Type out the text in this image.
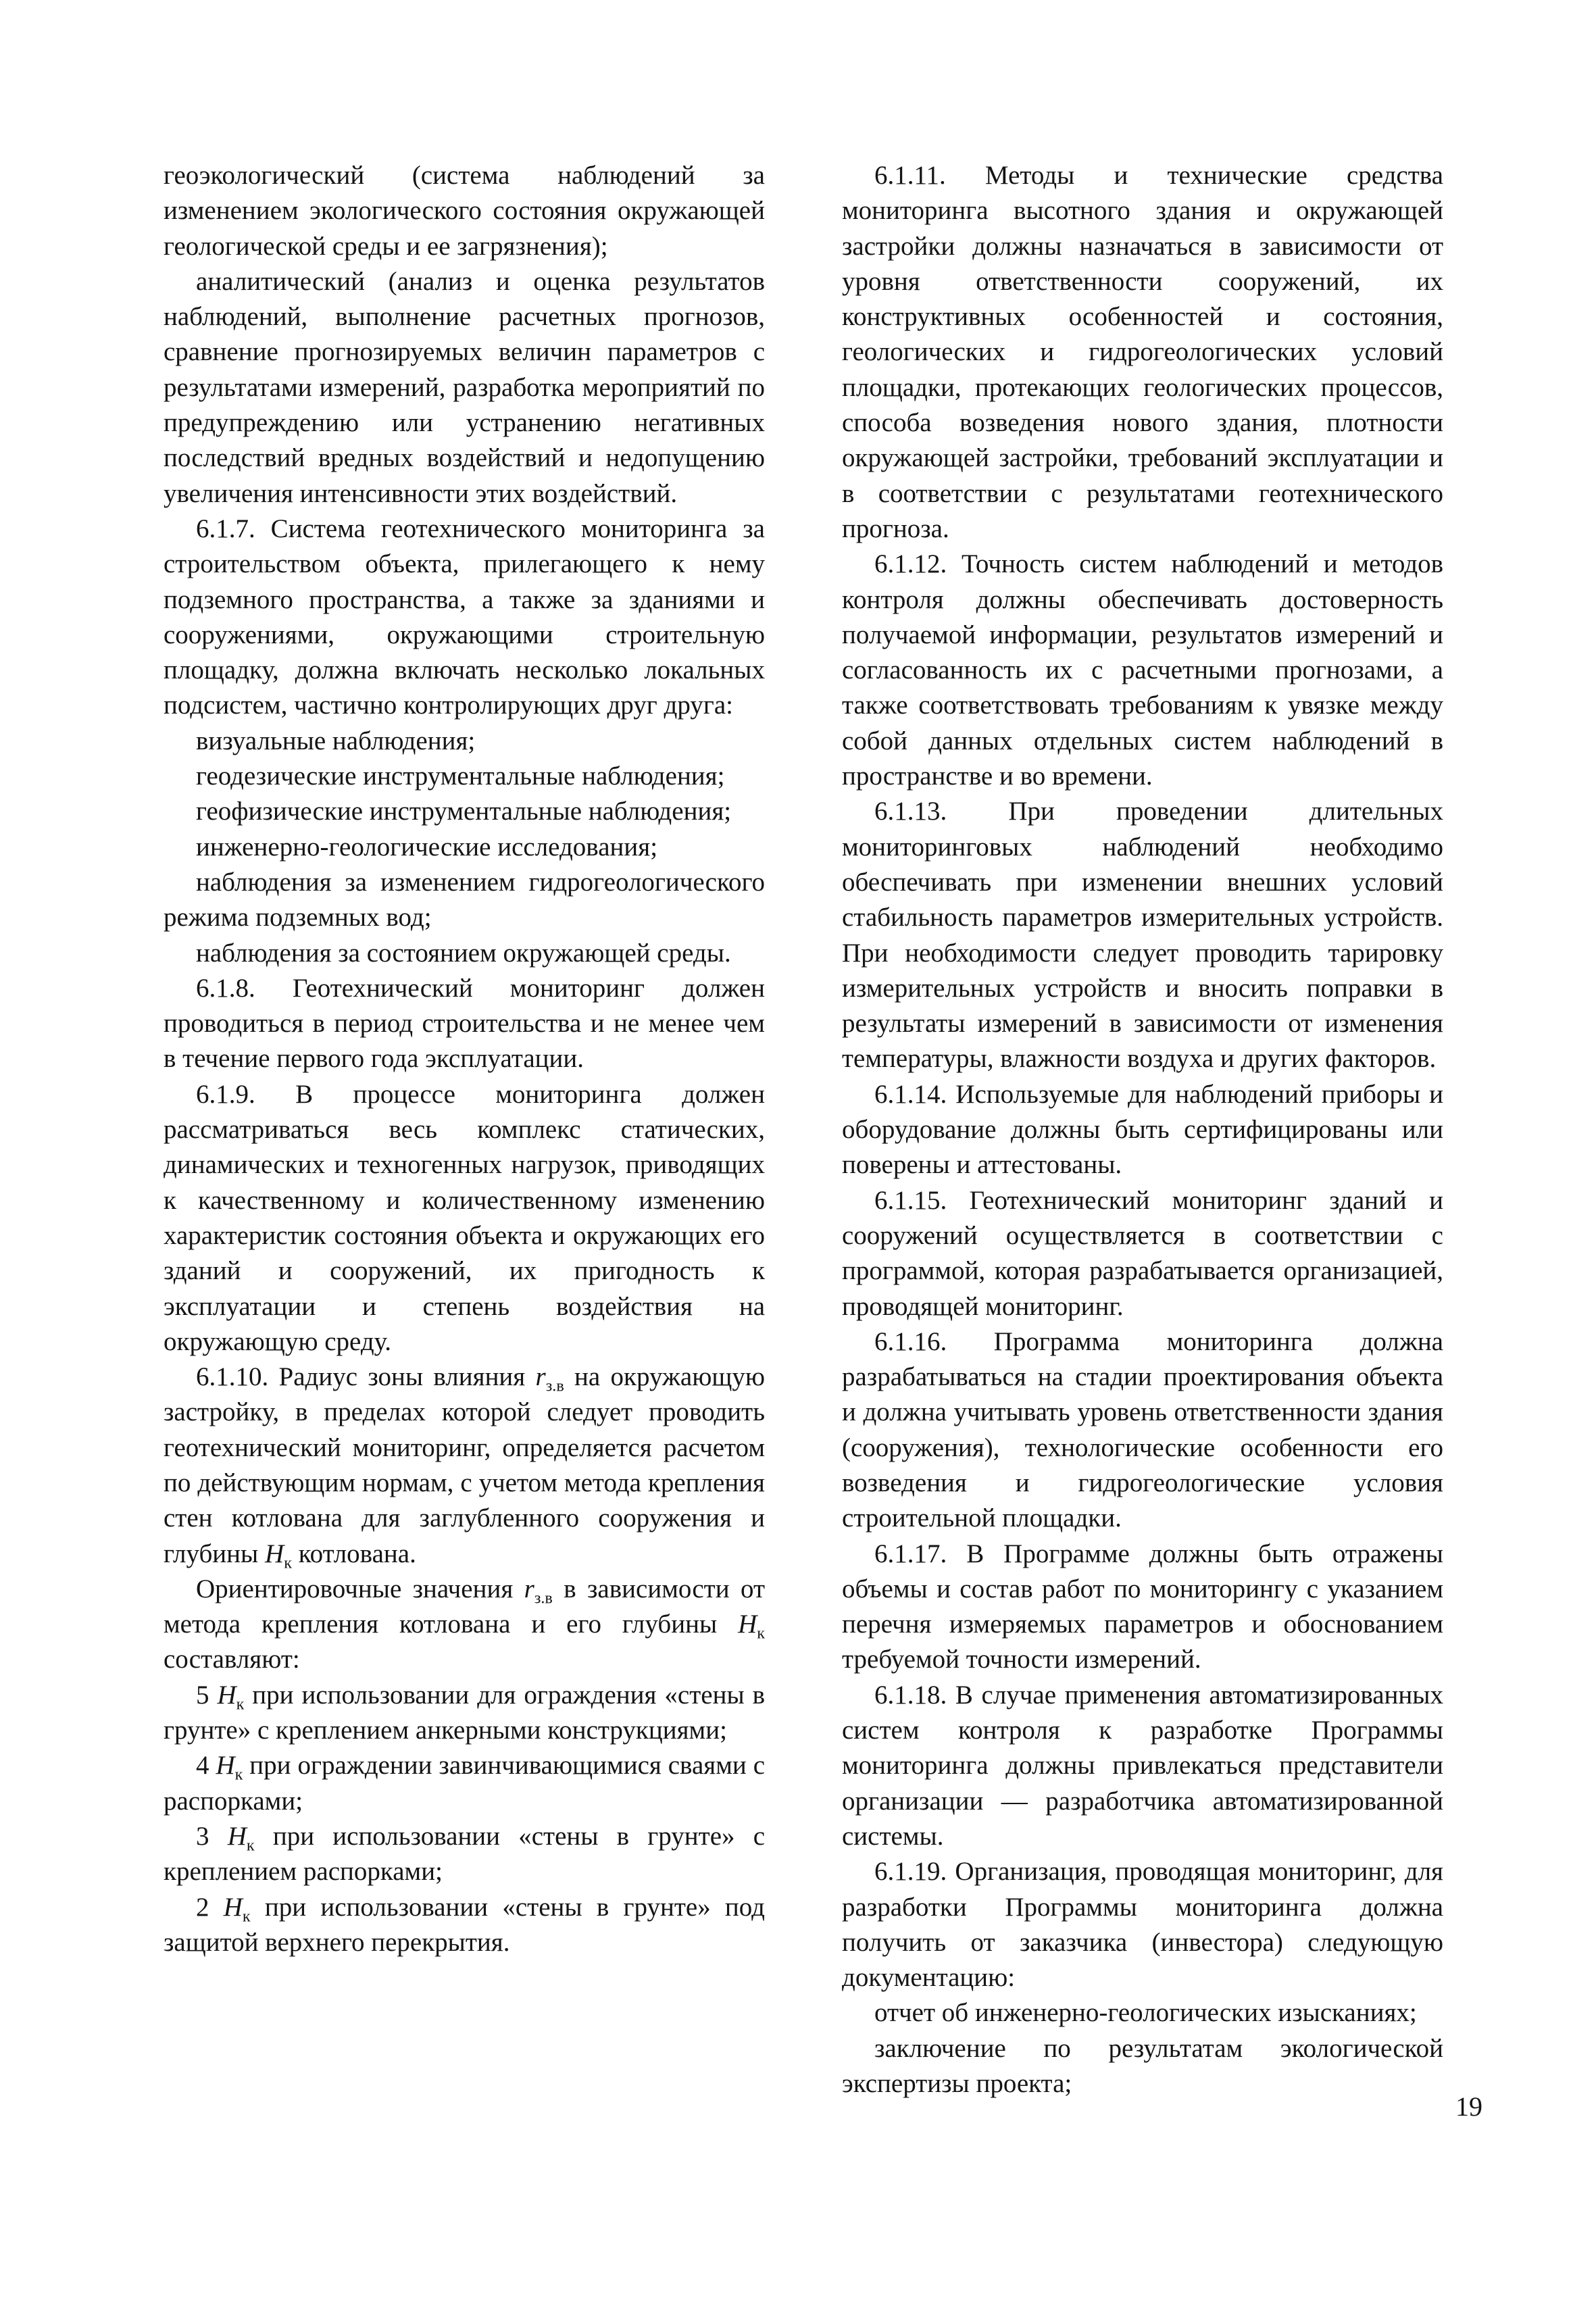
геоэкологический (система наблюдений за изменением экологического состояния окружающей геологической среды и ее загрязнения);

аналитический (анализ и оценка результатов наблюдений, выполнение расчетных прогнозов, сравнение прогнозируемых величин параметров с результатами измерений, разработка мероприятий по предупреждению или устранению негативных последствий вредных воздействий и недопущению увеличения интенсивности этих воздействий.

6.1.7. Система геотехнического мониторинга за строительством объекта, прилегающего к нему подземного пространства, а также за зданиями и сооружениями, окружающими строительную площадку, должна включать несколько локальных подсистем, частично контролирующих друг друга:

визуальные наблюдения;

геодезические инструментальные наблюдения;

геофизические инструментальные наблюдения;

инженерно-геологические исследования;

наблюдения за изменением гидрогеологического режима подземных вод;

наблюдения за состоянием окружающей среды.

6.1.8. Геотехнический мониторинг должен проводиться в период строительства и не менее чем в течение первого года эксплуатации.

6.1.9. В процессе мониторинга должен рассматриваться весь комплекс статических, динамических и техногенных нагрузок, приводящих к качественному и количественному изменению характеристик состояния объекта и окружающих его зданий и сооружений, их пригодность к эксплуатации и степень воздействия на окружающую среду.

6.1.10. Радиус зоны влияния $r_{з.в}$ на окружающую застройку, в пределах которой следует проводить геотехнический мониторинг, определяется расчетом по действующим нормам, с учетом метода крепления стен котлована для заглубленного сооружения и глубины $H_к$ котлована.

Ориентировочные значения $r_{з.в}$ в зависимости от метода крепления котлована и его глубины $H_к$ составляют:

5 $H_к$ при использовании для ограждения «стены в грунте» с креплением анкерными конструкциями;

4 $H_к$ при ограждении завинчивающимися сваями с распорками;

3 $H_к$ при использовании «стены в грунте» с креплением распорками;

2 $H_к$ при использовании «стены в грунте» под защитой верхнего перекрытия.

6.1.11. Методы и технические средства мониторинга высотного здания и окружающей застройки должны назначаться в зависимости от уровня ответственности сооружений, их конструктивных особенностей и состояния, геологических и гидрогеологических условий площадки, протекающих геологических процессов, способа возведения нового здания, плотности окружающей застройки, требований эксплуатации и в соответствии с результатами геотехнического прогноза.

6.1.12. Точность систем наблюдений и методов контроля должны обеспечивать достоверность получаемой информации, результатов измерений и согласованность их с расчетными прогнозами, а также соответствовать требованиям к увязке между собой данных отдельных систем наблюдений в пространстве и во времени.

6.1.13. При проведении длительных мониторинговых наблюдений необходимо обеспечивать при изменении внешних условий стабильность параметров измерительных устройств. При необходимости следует проводить тарировку измерительных устройств и вносить поправки в результаты измерений в зависимости от изменения температуры, влажности воздуха и других факторов.

6.1.14. Используемые для наблюдений приборы и оборудование должны быть сертифицированы или поверены и аттестованы.

6.1.15. Геотехнический мониторинг зданий и сооружений осуществляется в соответствии с программой, которая разрабатывается организацией, проводящей мониторинг.

6.1.16. Программа мониторинга должна разрабатываться на стадии проектирования объекта и должна учитывать уровень ответственности здания (сооружения), технологические особенности его возведения и гидрогеологические условия строительной площадки.

6.1.17. В Программе должны быть отражены объемы и состав работ по мониторингу с указанием перечня измеряемых параметров и обоснованием требуемой точности измерений.

6.1.18. В случае применения автоматизированных систем контроля к разработке Программы мониторинга должны привлекаться представители организации — разработчика автоматизированной системы.

6.1.19. Организация, проводящая мониторинг, для разработки Программы мониторинга должна получить от заказчика (инвестора) следующую документацию:

отчет об инженерно-геологических изысканиях;

заключение по результатам экологической экспертизы проекта;

19
